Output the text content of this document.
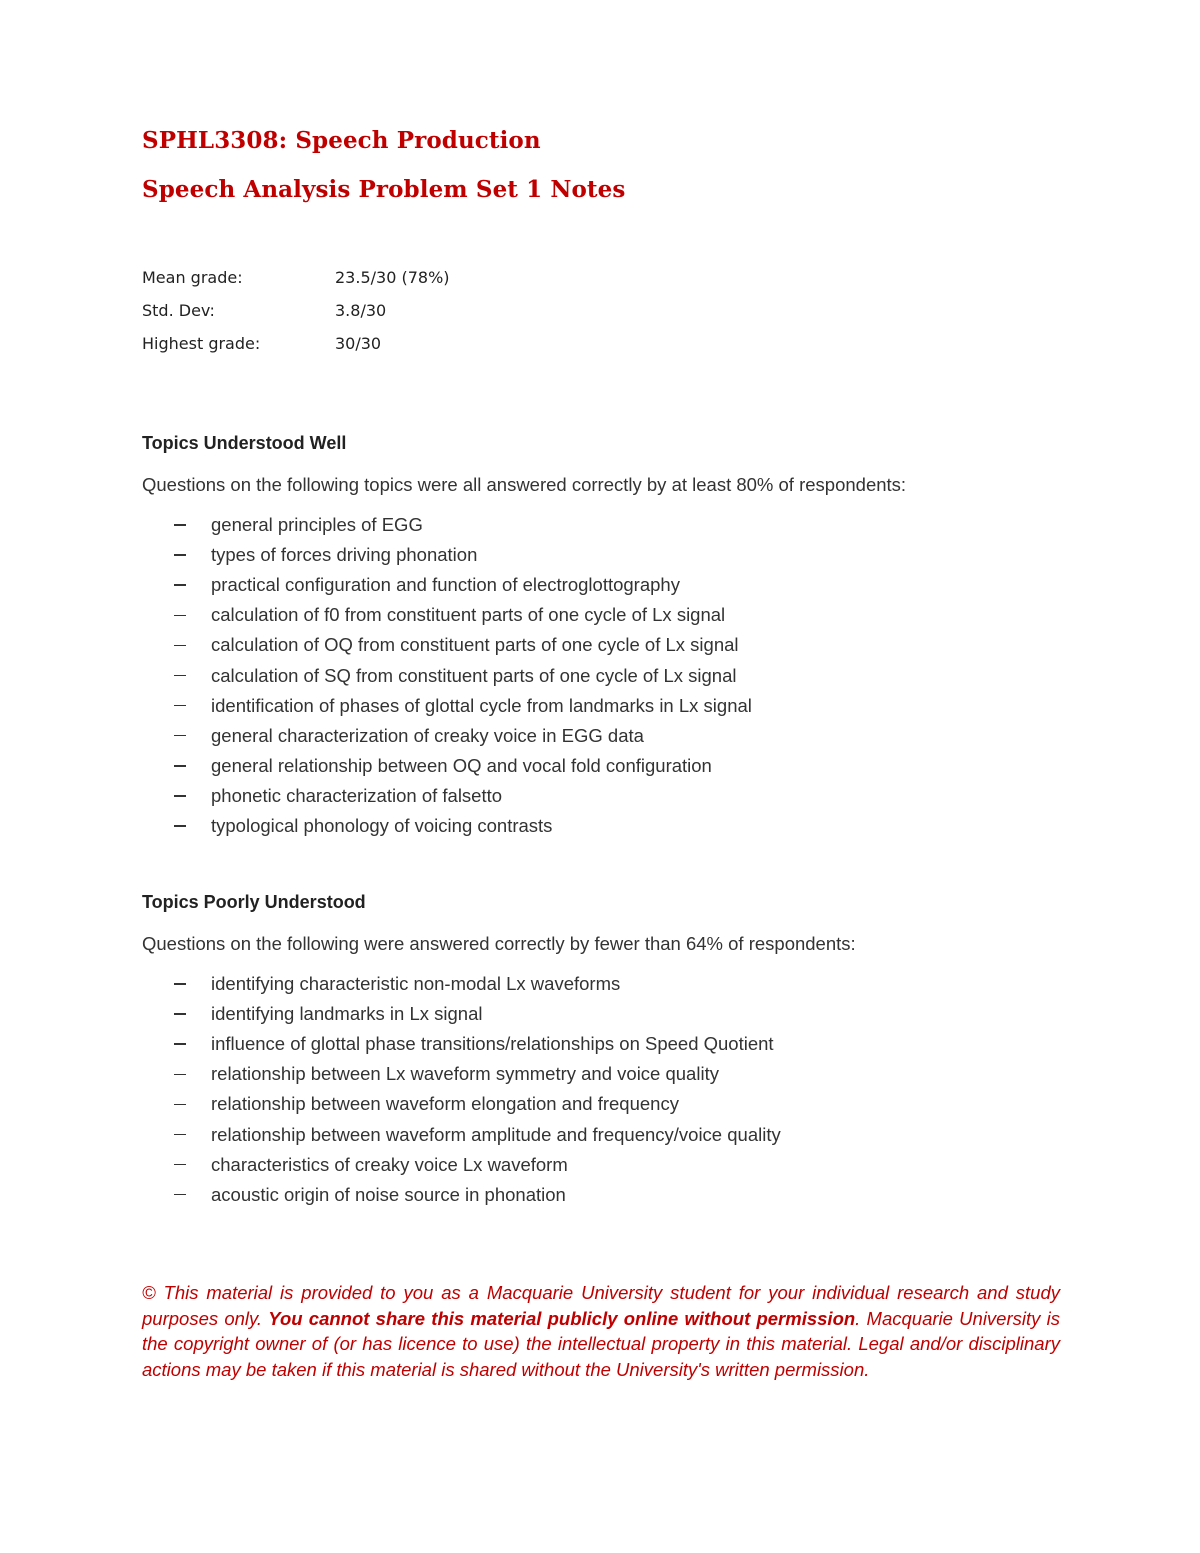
SPHL3308: Speech Production
Speech Analysis Problem Set 1 Notes
Mean grade:	23.5/30 (78%)
Std. Dev:	3.8/30
Highest grade:	30/30
Topics Understood Well
Questions on the following topics were all answered correctly by at least 80% of respondents:
general principles of EGG
types of forces driving phonation
practical configuration and function of electroglottography
calculation of f0 from constituent parts of one cycle of Lx signal
calculation of OQ from constituent parts of one cycle of Lx signal
calculation of SQ from constituent parts of one cycle of Lx signal
identification of phases of glottal cycle from landmarks in Lx signal
general characterization of creaky voice in EGG data
general relationship between OQ and vocal fold configuration
phonetic characterization of falsetto
typological phonology of voicing contrasts
Topics Poorly Understood
Questions on the following were answered correctly by fewer than 64% of respondents:
identifying characteristic non-modal Lx waveforms
identifying landmarks in Lx signal
influence of glottal phase transitions/relationships on Speed Quotient
relationship between Lx waveform symmetry and voice quality
relationship between waveform elongation and frequency
relationship between waveform amplitude and frequency/voice quality
characteristics of creaky voice Lx waveform
acoustic origin of noise source in phonation

© This material is provided to you as a Macquarie University student for your individual research and study purposes only. You cannot share this material publicly online without permission. Macquarie University is the copyright owner of (or has licence to use) the intellectual property in this material. Legal and/or disciplinary actions may be taken if this material is shared without the University's written permission.
